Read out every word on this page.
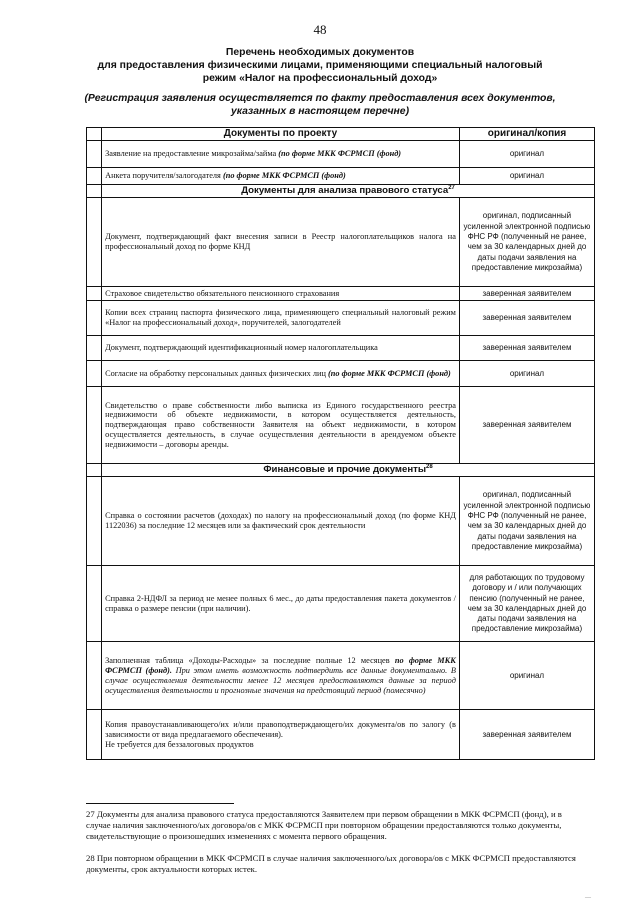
48
Перечень необходимых документов
для предоставления физическими лицами, применяющими специальный налоговый
режим «Налог на профессиональный доход»
(Регистрация заявления осуществляется по факту предоставления всех документов,
указанных в настоящем перечне)
	Документы по проекту	оригинал/копия
	Заявление на предоставление микрозайма/займа (по форме МКК ФСРМСП (фонд)	оригинал
	Анкета поручителя/залогодателя (по форме МКК ФСРМСП (фонд)	оригинал
	Документы для анализа правового статуса$^{27}$
	Документ, подтверждающий факт внесения записи в Реестр налогоплательщиков налога на профессиональный доход по форме КНД	оригинал, подписанный усиленной электронной подписью ФНС РФ (полученный не ранее, чем за 30 календарных дней до даты подачи заявления на предоставление микрозайма)
	Страховое свидетельство обязательного пенсионного страхования	заверенная заявителем
	Копии всех страниц паспорта физического лица, применяющего специальный налоговый режим «Налог на профессиональный доход», поручителей, залогодателей	заверенная заявителем
	Документ, подтверждающий идентификационный номер налогоплательщика	заверенная заявителем
	Согласие на обработку персональных данных физических лиц (по форме МКК ФСРМСП (фонд)	оригинал
	Свидетельство о праве собственности либо выписка из Единого государственного реестра недвижимости об объекте недвижимости, в котором осуществляется деятельность, подтверждающая право собственности Заявителя на объект недвижимости, в котором осуществляется деятельность, в случае осуществления деятельности в арендуемом объекте недвижимости – договоры аренды.	заверенная заявителем
	Финансовые и прочие документы$^{28}$
	Справка о состоянии расчетов (доходах) по налогу на профессиональный доход (по форме КНД 1122036) за последние 12 месяцев или за фактический срок деятельности	оригинал, подписанный усиленной электронной подписью ФНС РФ (полученный не ранее, чем за 30 календарных дней до даты подачи заявления на предоставление микрозайма)
	Справка 2-НДФЛ за период не менее полных 6 мес., до даты предоставления пакета документов / справка о размере пенсии (при наличии).	для работающих по трудовому договору и / или получающих пенсию (полученный не ранее, чем за 30 календарных дней до даты подачи заявления на предоставление микрозайма)
	Заполненная таблица «Доходы-Расходы» за последние полные 12 месяцев по форме МКК ФСРМСП (фонд). При этом иметь возможность подтвердить все данные документально. В случае осуществления деятельности менее 12 месяцев предоставляются данные за период осуществления деятельности и прогнозные значения на предстоящий период (помесячно)	оригинал

	Копия правоустанавливающего/их и/или правоподтверждающего/их документа/ов по залогу (в зависимости от вида предлагаемого обеспечения).
Не требуется для беззалоговых продуктов	заверенная заявителем
27 Документы для анализа правового статуса предоставляются Заявителем при первом обращении в МКК ФСРМСП (фонд), и в случае наличия заключенного/ых договора/ов с МКК ФСРМСП при повторном обращении предоставляются только документы, свидетельствующие о произошедших изменениях с момента первого обращения.
28 При повторном обращении в МКК ФСРМСП в случае наличия заключенного/ых договора/ов с МКК ФСРМСП предоставляются документы, срок актуальности которых истек.
—
